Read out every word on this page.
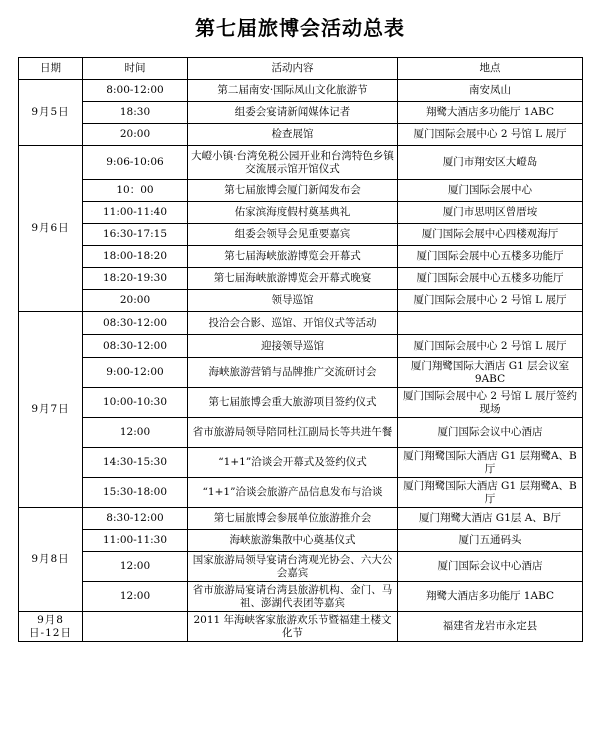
第七届旅博会活动总表
日期	时间	活动内容	地点
9月5日	8:00-12:00	第二届南安·国际凤山文化旅游节	南安凤山
	18:30	组委会宴请新闻媒体记者	翔鹭大酒店多功能厅 1ABC
	20:00	检查展馆	厦门国际会展中心 2 号馆 L 展厅
9月6日	9:06-10:06	大嶝小镇·台湾免税公园开业和台湾特色乡镇交流展示馆开馆仪式	厦门市翔安区大嶝岛
	10：00	第七届旅博会厦门新闻发布会	厦门国际会展中心
	11:00-11:40	佑家滨海度假村奠基典礼	厦门市思明区曾厝垵
	16:30-17:15	组委会领导会见重要嘉宾	厦门国际会展中心四楼观海厅
	18:00-18:20	第七届海峡旅游博览会开幕式	厦门国际会展中心五楼多功能厅
	18:20-19:30	第七届海峡旅游博览会开幕式晚宴	厦门国际会展中心五楼多功能厅
	20:00	领导巡馆	厦门国际会展中心 2 号馆 L 展厅
9月7日	08:30-12:00	投洽会合影、巡馆、开馆仪式等活动	
	08:30-12:00	迎接领导巡馆	厦门国际会展中心 2 号馆 L 展厅
	9:00-12:00	海峡旅游营销与品牌推广交流研讨会	厦门翔鹭国际大酒店 G1 层会议室 9ABC
	10:00-10:30	第七届旅博会重大旅游项目签约仪式	厦门国际会展中心 2 号馆 L 展厅签约现场
	12:00	省市旅游局领导陪同杜江副局长等共进午餐	厦门国际会议中心酒店
	14:30-15:30	“1+1”洽谈会开幕式及签约仪式	厦门翔鹭国际大酒店 G1 层翔鹭A、B厅
	15:30-18:00	“1+1”洽谈会旅游产品信息发布与洽谈	厦门翔鹭国际大酒店 G1 层翔鹭A、B厅
9月8日	8:30-12:00	第七届旅博会参展单位旅游推介会	厦门翔鹭大酒店 G1层 A、B厅
	11:00-11:30	海峡旅游集散中心奠基仪式	厦门五通码头
	12:00	国家旅游局领导宴请台湾观光协会、六大公会嘉宾	厦门国际会议中心酒店
	12:00	省市旅游局宴请台湾县旅游机构、金门、马祖、澎湖代表团等嘉宾	翔鹭大酒店多功能厅 1ABC
9月8日-12日		2011 年海峡客家旅游欢乐节暨福建土楼文化节	福建省龙岩市永定县
